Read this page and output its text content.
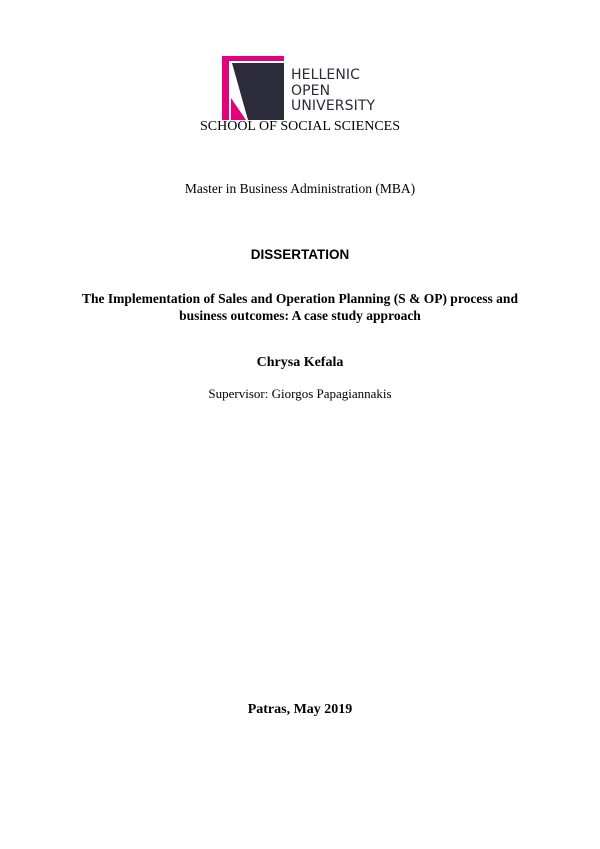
HELLENIC
OPEN
UNIVERSITY
SCHOOL OF SOCIAL SCIENCES
Master in Business Administration (MBA)
DISSERTATION
The Implementation of Sales and Operation Planning (S & OP) process and
business outcomes: A case study approach
Chrysa Kefala
Supervisor: Giorgos Papagiannakis
Patras, May 2019
